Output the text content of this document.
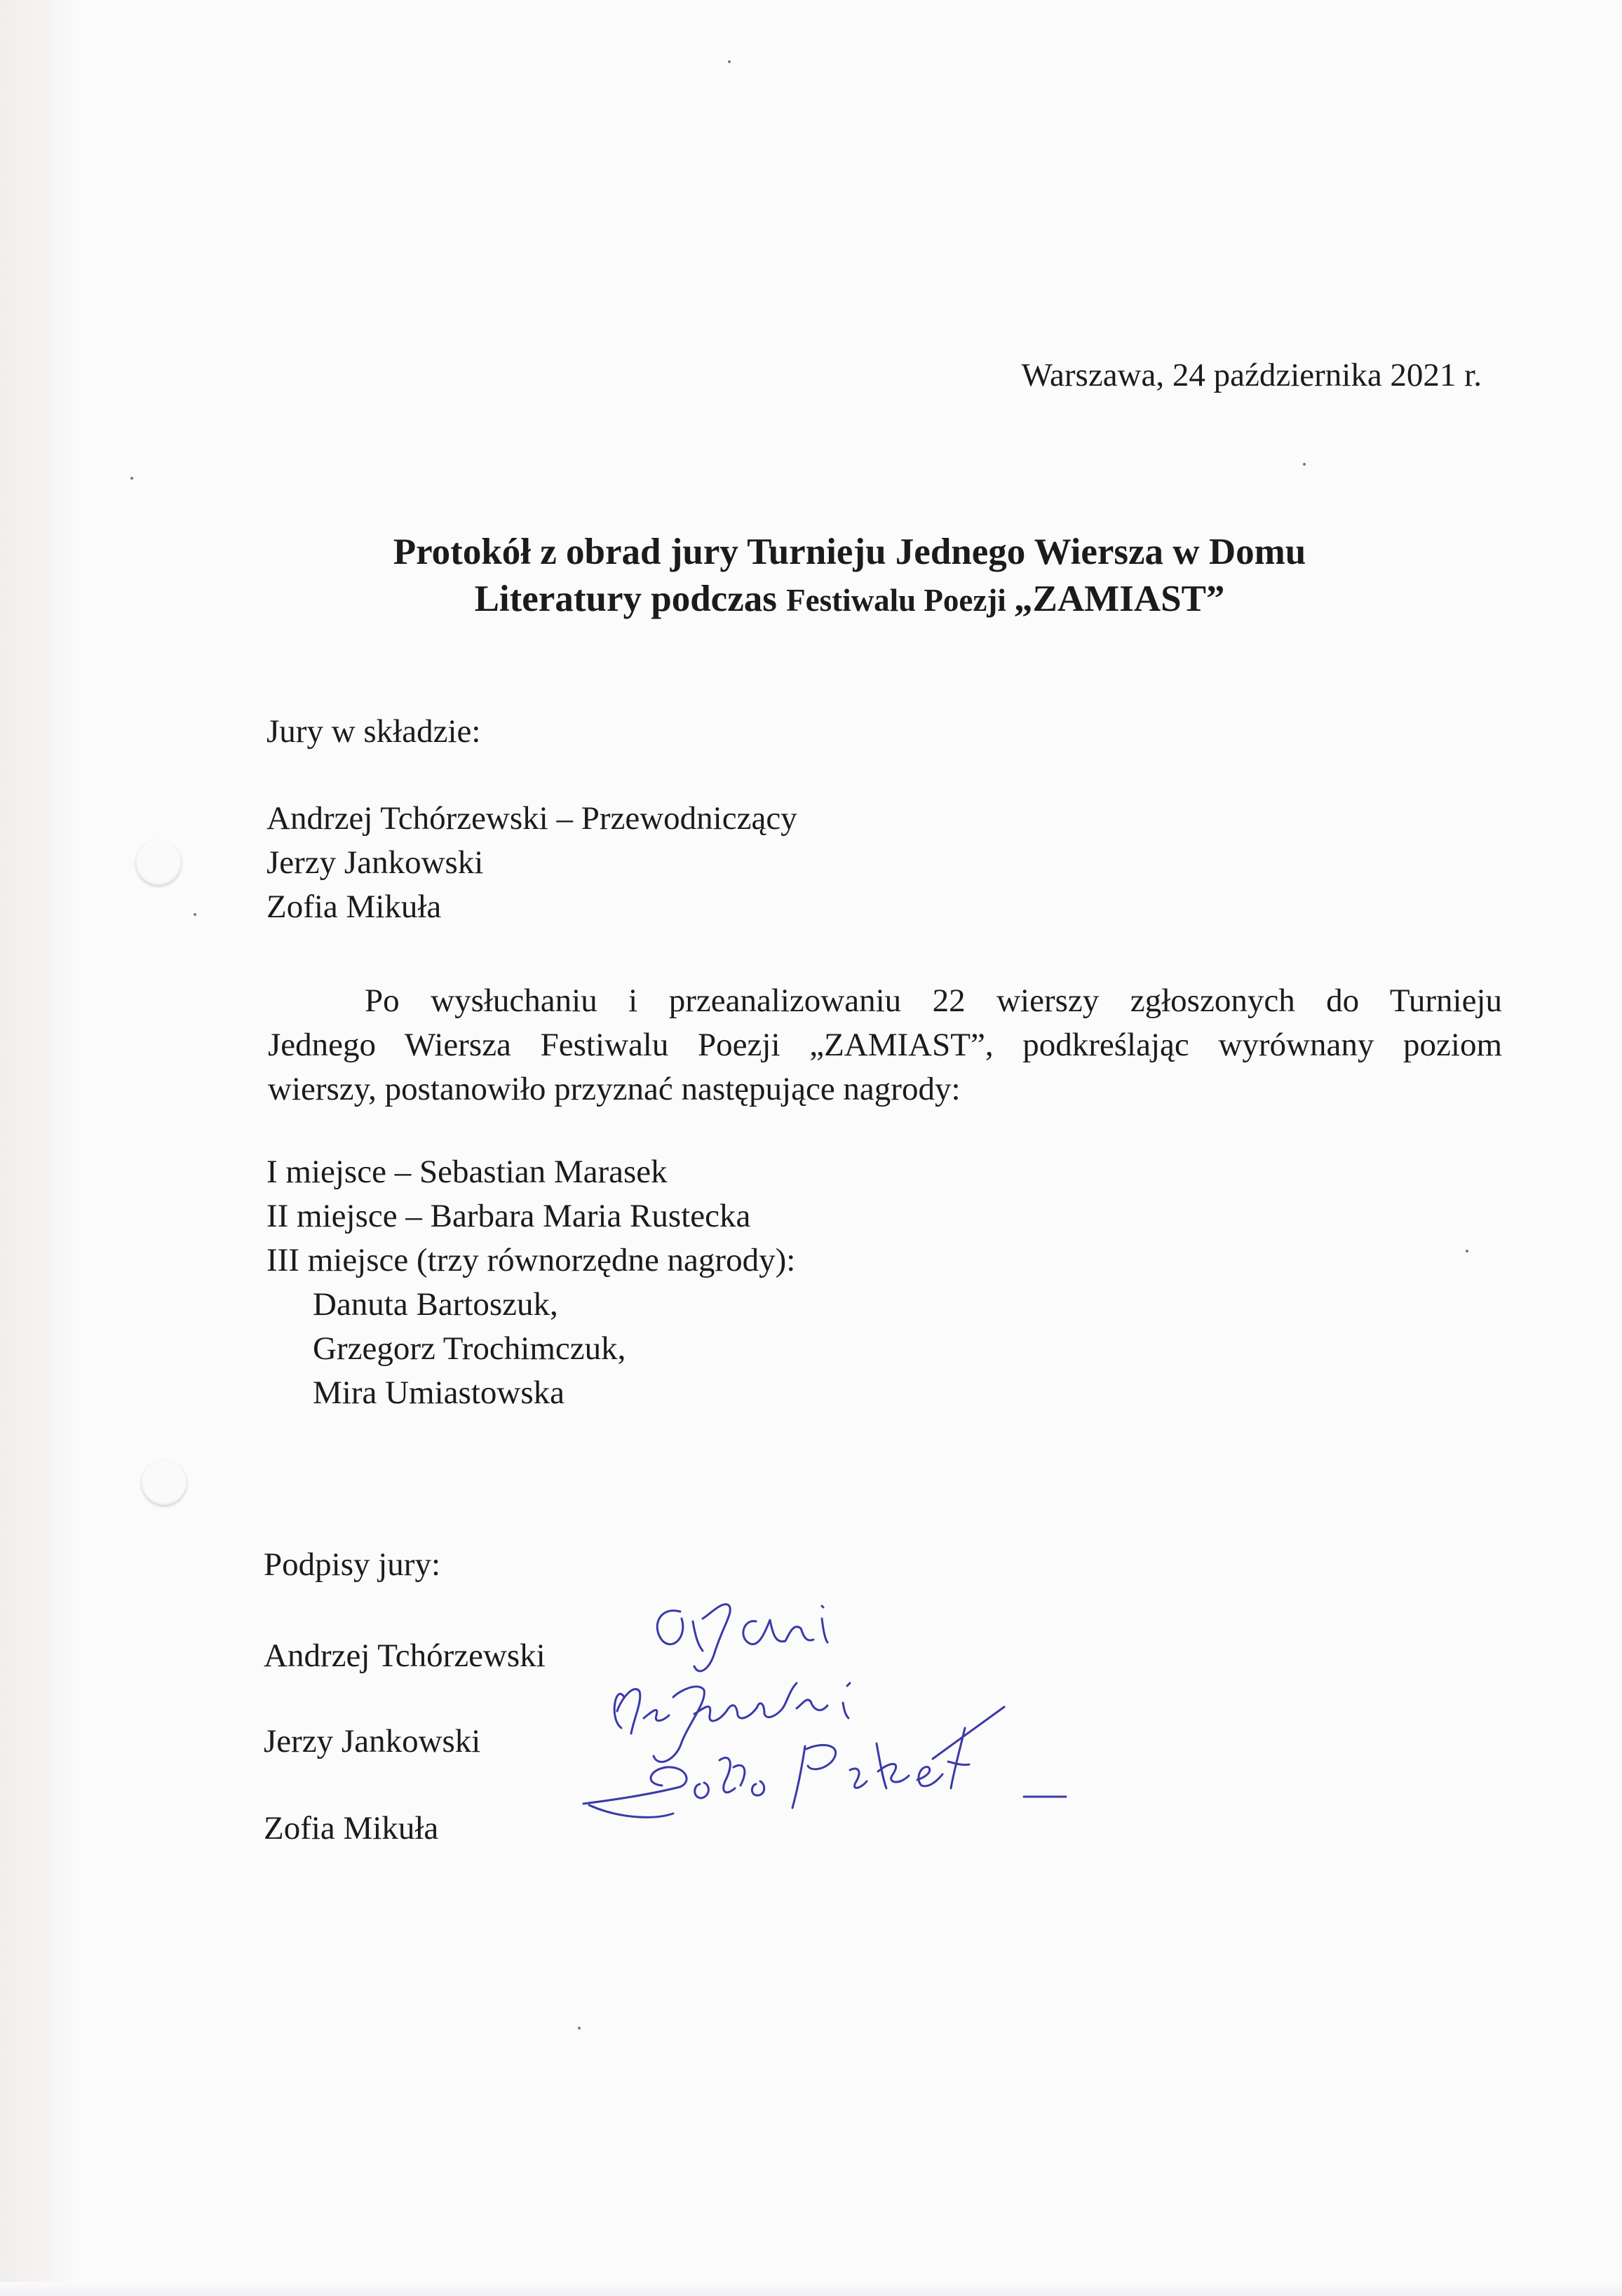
Warszawa, 24 października 2021 r.
Protokół z obrad jury Turnieju Jednego Wiersza w Domu
Literatury podczas Festiwalu Poezji „ZAMIAST”
Jury w składzie:
Andrzej Tchórzewski – Przewodniczący
Jerzy Jankowski
Zofia Mikuła
Po wysłuchaniu i przeanalizowaniu 22 wierszy zgłoszonych do Turnieju
Jednego Wiersza Festiwalu Poezji „ZAMIAST”, podkreślając wyrównany poziom
wierszy, postanowiło przyznać następujące nagrody:
I miejsce – Sebastian Marasek
II miejsce – Barbara Maria Rustecka
III miejsce (trzy równorzędne nagrody):
Danuta Bartoszuk,
Grzegorz Trochimczuk,
Mira Umiastowska
Podpisy jury:
Andrzej Tchórzewski
Jerzy Jankowski
Zofia Mikuła
